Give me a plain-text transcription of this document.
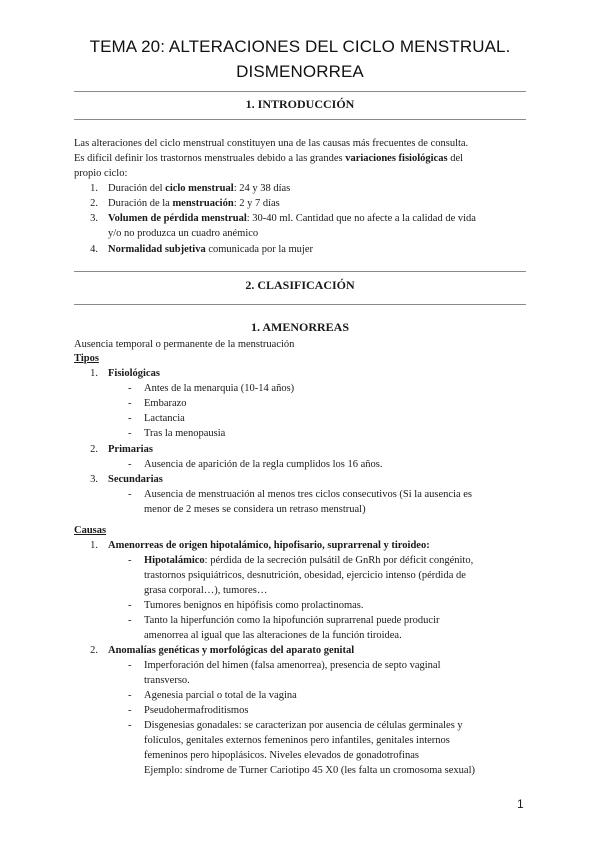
TEMA 20: ALTERACIONES DEL CICLO MENSTRUAL.
DISMENORREA
1. INTRODUCCIÓN
Las alteraciones del ciclo menstrual constituyen una de las causas más frecuentes de consulta.
Es difícil definir los trastornos menstruales debido a las grandes variaciones fisiológicas del
propio ciclo:
1. Duración del ciclo menstrual: 24 y 38 días
2. Duración de la menstruación: 2 y 7 días
3. Volumen de pérdida menstrual: 30-40 ml. Cantidad que no afecte a la calidad de vida
y/o no produzca un cuadro anémico
4. Normalidad subjetiva comunicada por la mujer
2. CLASIFICACIÓN
1. AMENORREAS
Ausencia temporal o permanente de la menstruación
Tipos
1. Fisiológicas
- Antes de la menarquia (10-14 años)
- Embarazo
- Lactancia
- Tras la menopausia
2. Primarias
- Ausencia de aparición de la regla cumplidos los 16 años.
3. Secundarias
- Ausencia de menstruación al menos tres ciclos consecutivos (Si la ausencia es
menor de 2 meses se considera un retraso menstrual)
Causas
1. Amenorreas de origen hipotalámico, hipofisario, suprarrenal y tiroideo:
- Hipotalámico: pérdida de la secreción pulsátil de GnRh por déficit congénito,
trastornos psiquiátricos, desnutrición, obesidad, ejercicio intenso (pérdida de
grasa corporal…), tumores…
- Tumores benignos en hipófisis como prolactinomas.
- Tanto la hiperfunción como la hipofunción suprarrenal puede producir
amenorrea al igual que las alteraciones de la función tiroidea.
2. Anomalías genéticas y morfológicas del aparato genital
- Imperforación del himen (falsa amenorrea), presencia de septo vaginal
transverso.
- Agenesia parcial o total de la vagina
- Pseudohermafroditismos
- Disgenesias gonadales: se caracterizan por ausencia de células germinales y
folículos, genitales externos femeninos pero infantiles, genitales internos
femeninos pero hipoplásicos. Niveles elevados de gonadotrofinas
Ejemplo: síndrome de Turner Cariotipo 45 X0 (les falta un cromosoma sexual)
1
